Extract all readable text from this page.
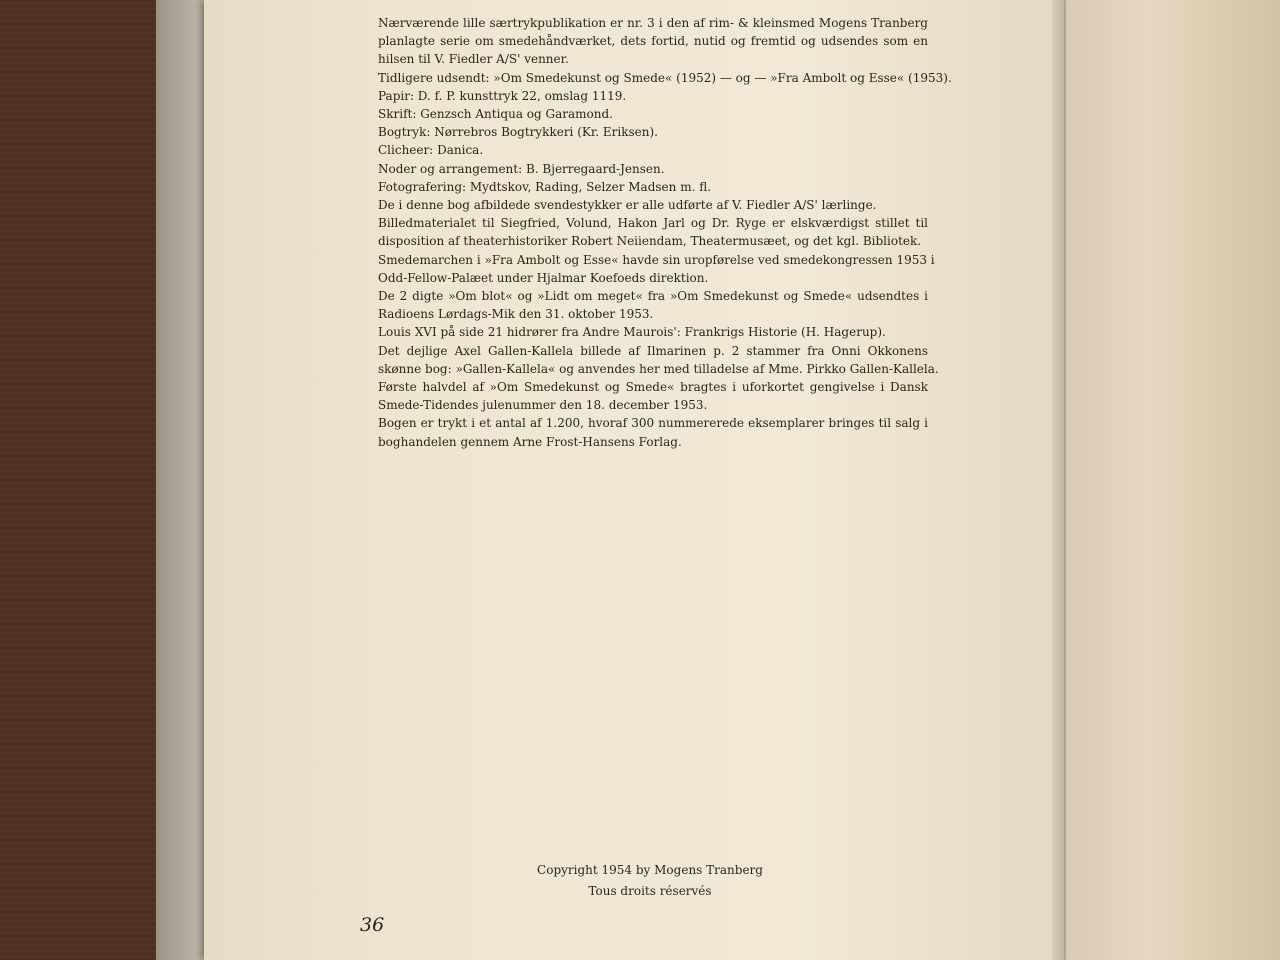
Nærværende lille særtrykpublikation er nr. 3 i den af rim- & kleinsmed Mogens Tranberg
planlagte serie om smedehåndværket, dets fortid, nutid og fremtid og udsendes som en
hilsen til V. Fiedler A/S' venner.
Tidligere udsendt: »Om Smedekunst og Smede« (1952) — og — »Fra Ambolt og Esse« (1953).
Papir: D. f. P. kunsttryk 22, omslag 1119.
Skrift: Genzsch Antiqua og Garamond.
Bogtryk: Nørrebros Bogtrykkeri (Kr. Eriksen).
Clicheer: Danica.
Noder og arrangement: B. Bjerregaard-Jensen.
Fotografering: Mydtskov, Rading, Selzer Madsen m. fl.
De i denne bog afbildede svendestykker er alle udførte af V. Fiedler A/S' lærlinge.
Billedmaterialet til Siegfried, Volund, Hakon Jarl og Dr. Ryge er elskværdigst stillet til
disposition af theaterhistoriker Robert Neiiendam, Theatermusæet, og det kgl. Bibliotek.
Smedemarchen i »Fra Ambolt og Esse« havde sin uropførelse ved smedekongressen 1953 i
Odd-Fellow-Palæet under Hjalmar Koefoeds direktion.
De 2 digte »Om blot« og »Lidt om meget« fra »Om Smedekunst og Smede« udsendtes i
Radioens Lørdags-Mik den 31. oktober 1953.
Louis XVI på side 21 hidrører fra Andre Maurois': Frankrigs Historie (H. Hagerup).
Det dejlige Axel Gallen-Kallela billede af Ilmarinen p. 2 stammer fra Onni Okkonens
skønne bog: »Gallen-Kallela« og anvendes her med tilladelse af Mme. Pirkko Gallen-Kallela.
Første halvdel af »Om Smedekunst og Smede« bragtes i uforkortet gengivelse i Dansk
Smede-Tidendes julenummer den 18. december 1953.
Bogen er trykt i et antal af 1.200, hvoraf 300 nummererede eksemplarer bringes til salg i
boghandelen gennem Arne Frost-Hansens Forlag.
Copyright 1954 by Mogens Tranberg
Tous droits réservés
36
